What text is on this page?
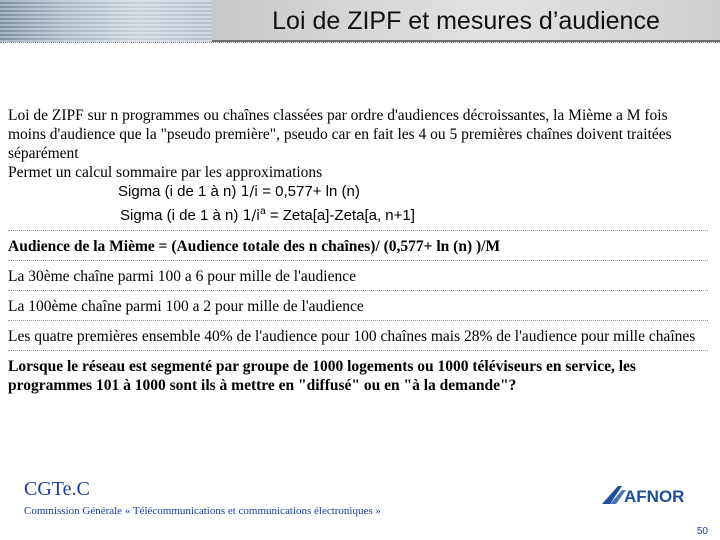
Loi de ZIPF et mesures d’audience

Loi de ZIPF sur n programmes ou chaînes classées par ordre d'audiences décroissantes, la Mième a M fois moins d'audience que la "pseudo première", pseudo car en fait les 4 ou 5 premières chaînes doivent traitées séparément

Permet un calcul sommaire par les approximations

Sigma (i de 1 à n) 1/i = 0,577+ ln (n)
Sigma (i de 1 à n) $1/i^a$ = Zeta[a]-Zeta[a, n+1]

Audience de la Mième = (Audience totale des n chaînes)/ (0,577+ ln (n) )/M

La 30ème chaîne parmi 100 a 6 pour mille de l'audience

La 100ème chaîne parmi 100 a 2 pour mille de l'audience

Les quatre premières ensemble 40% de l'audience pour 100 chaînes mais 28% de l'audience pour mille chaînes

Lorsque le réseau est segmenté par groupe de 1000 logements ou 1000 téléviseurs en service, les programmes 101 à 1000 sont ils à mettre en "diffusé" ou en "à la demande"?

CGTe.C
Commission Générale « Télécommunications et communications électroniques »
AFNOR
50
